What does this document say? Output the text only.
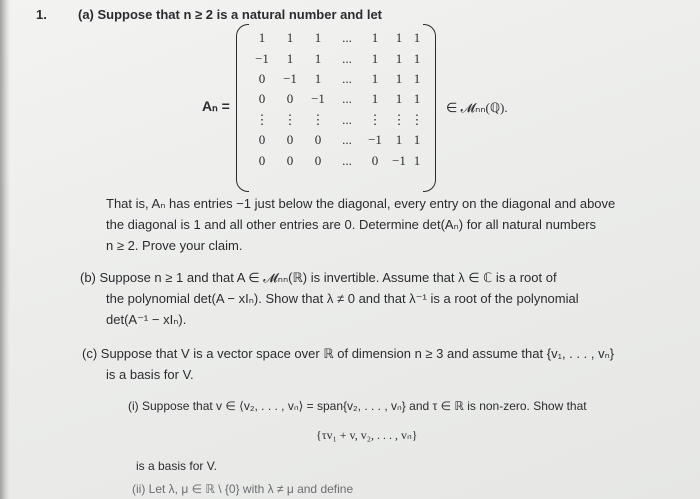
1. (a) Suppose that n ≥ 2 is a natural number and let
Aₙ =
1	1	1	...	1	1	1
−1	1	1	...	1	1	1
0	−1	1	...	1	1	1
0	0	−1	...	1	1	1
⋮	⋮	⋮	...	⋮	⋮	⋮
0	0	0	...	−1	1	1
0	0	0	...	0	−1	1
∈ 𝓜ₙₙ(ℚ).
That is, Aₙ has entries −1 just below the diagonal, every entry on the diagonal and above
the diagonal is 1 and all other entries are 0. Determine det(Aₙ) for all natural numbers
n ≥ 2. Prove your claim.
(b) Suppose n ≥ 1 and that A ∈ 𝓜ₙₙ(ℝ) is invertible. Assume that λ ∈ ℂ is a root of
the polynomial det(A − xIₙ). Show that λ ≠ 0 and that λ⁻¹ is a root of the polynomial
det(A⁻¹ − xIₙ).
(c) Suppose that V is a vector space over ℝ of dimension n ≥ 3 and assume that {v₁, . . . , vₙ}
is a basis for V.
(i) Suppose that v ∈ ⟨v₂, . . . , vₙ⟩ = span{v₂, . . . , vₙ} and τ ∈ ℝ is non-zero. Show that
{τv₁ + v, v₂, . . . , vₙ}
is a basis for V.
(ii) Let λ, μ ∈ ℝ \ {0} with λ ≠ μ and define
